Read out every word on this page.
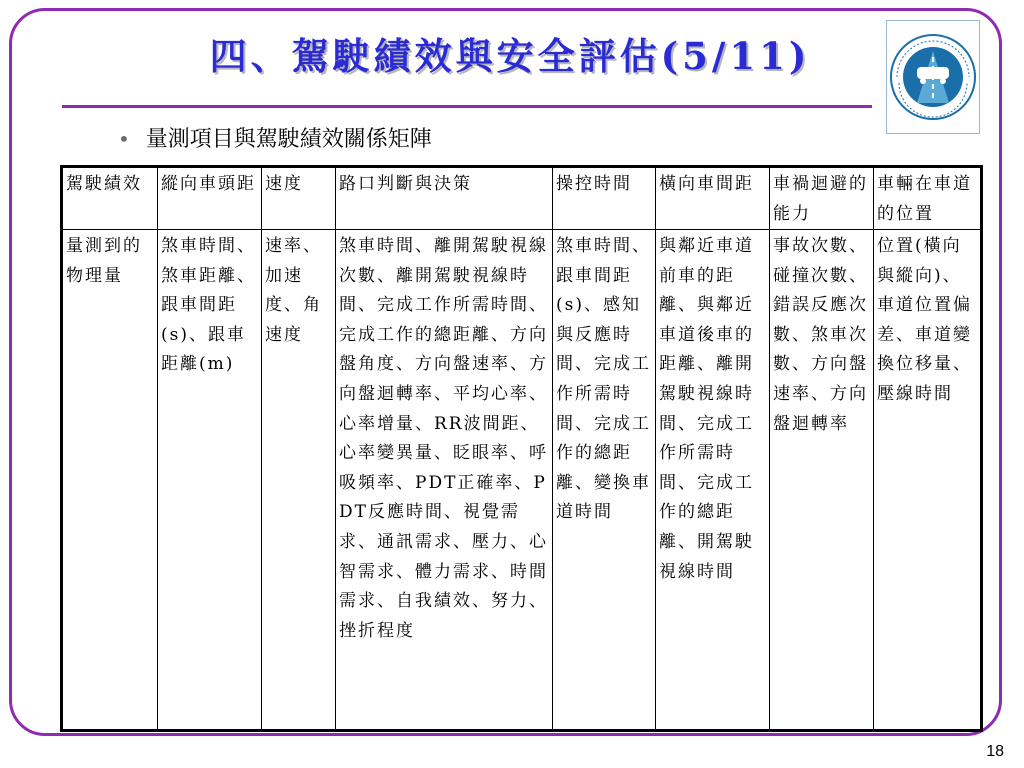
四、駕駛績效與安全評估(5/11)
• 量測項目與駕駛績效關係矩陣
駕駛績效	縱向車頭距	速度	路口判斷與決策	操控時間	橫向車間距	車禍迴避的能力	車輛在車道的位置
量測到的物理量	煞車時間、煞車距離、跟車間距(s)、跟車距離(m)	速率、加速度、角速度	煞車時間、離開駕駛視線次數、離開駕駛視線時間、完成工作所需時間、完成工作的總距離、方向盤角度、方向盤速率、方向盤迴轉率、平均心率、心率增量、RR波間距、心率變異量、眨眼率、呼吸頻率、PDT正確率、PDT反應時間、視覺需求、通訊需求、壓力、心智需求、體力需求、時間需求、自我績效、努力、挫折程度	煞車時間、跟車間距(s)、感知與反應時間、完成工作所需時間、完成工作的總距離、變換車道時間	與鄰近車道前車的距離、與鄰近車道後車的距離、離開駕駛視線時間、完成工作所需時間、完成工作的總距離、開駕駛視線時間	事故次數、碰撞次數、錯誤反應次數、煞車次數、方向盤速率、方向盤迴轉率	位置(橫向與縱向)、車道位置偏差、車道變換位移量、壓線時間
18
